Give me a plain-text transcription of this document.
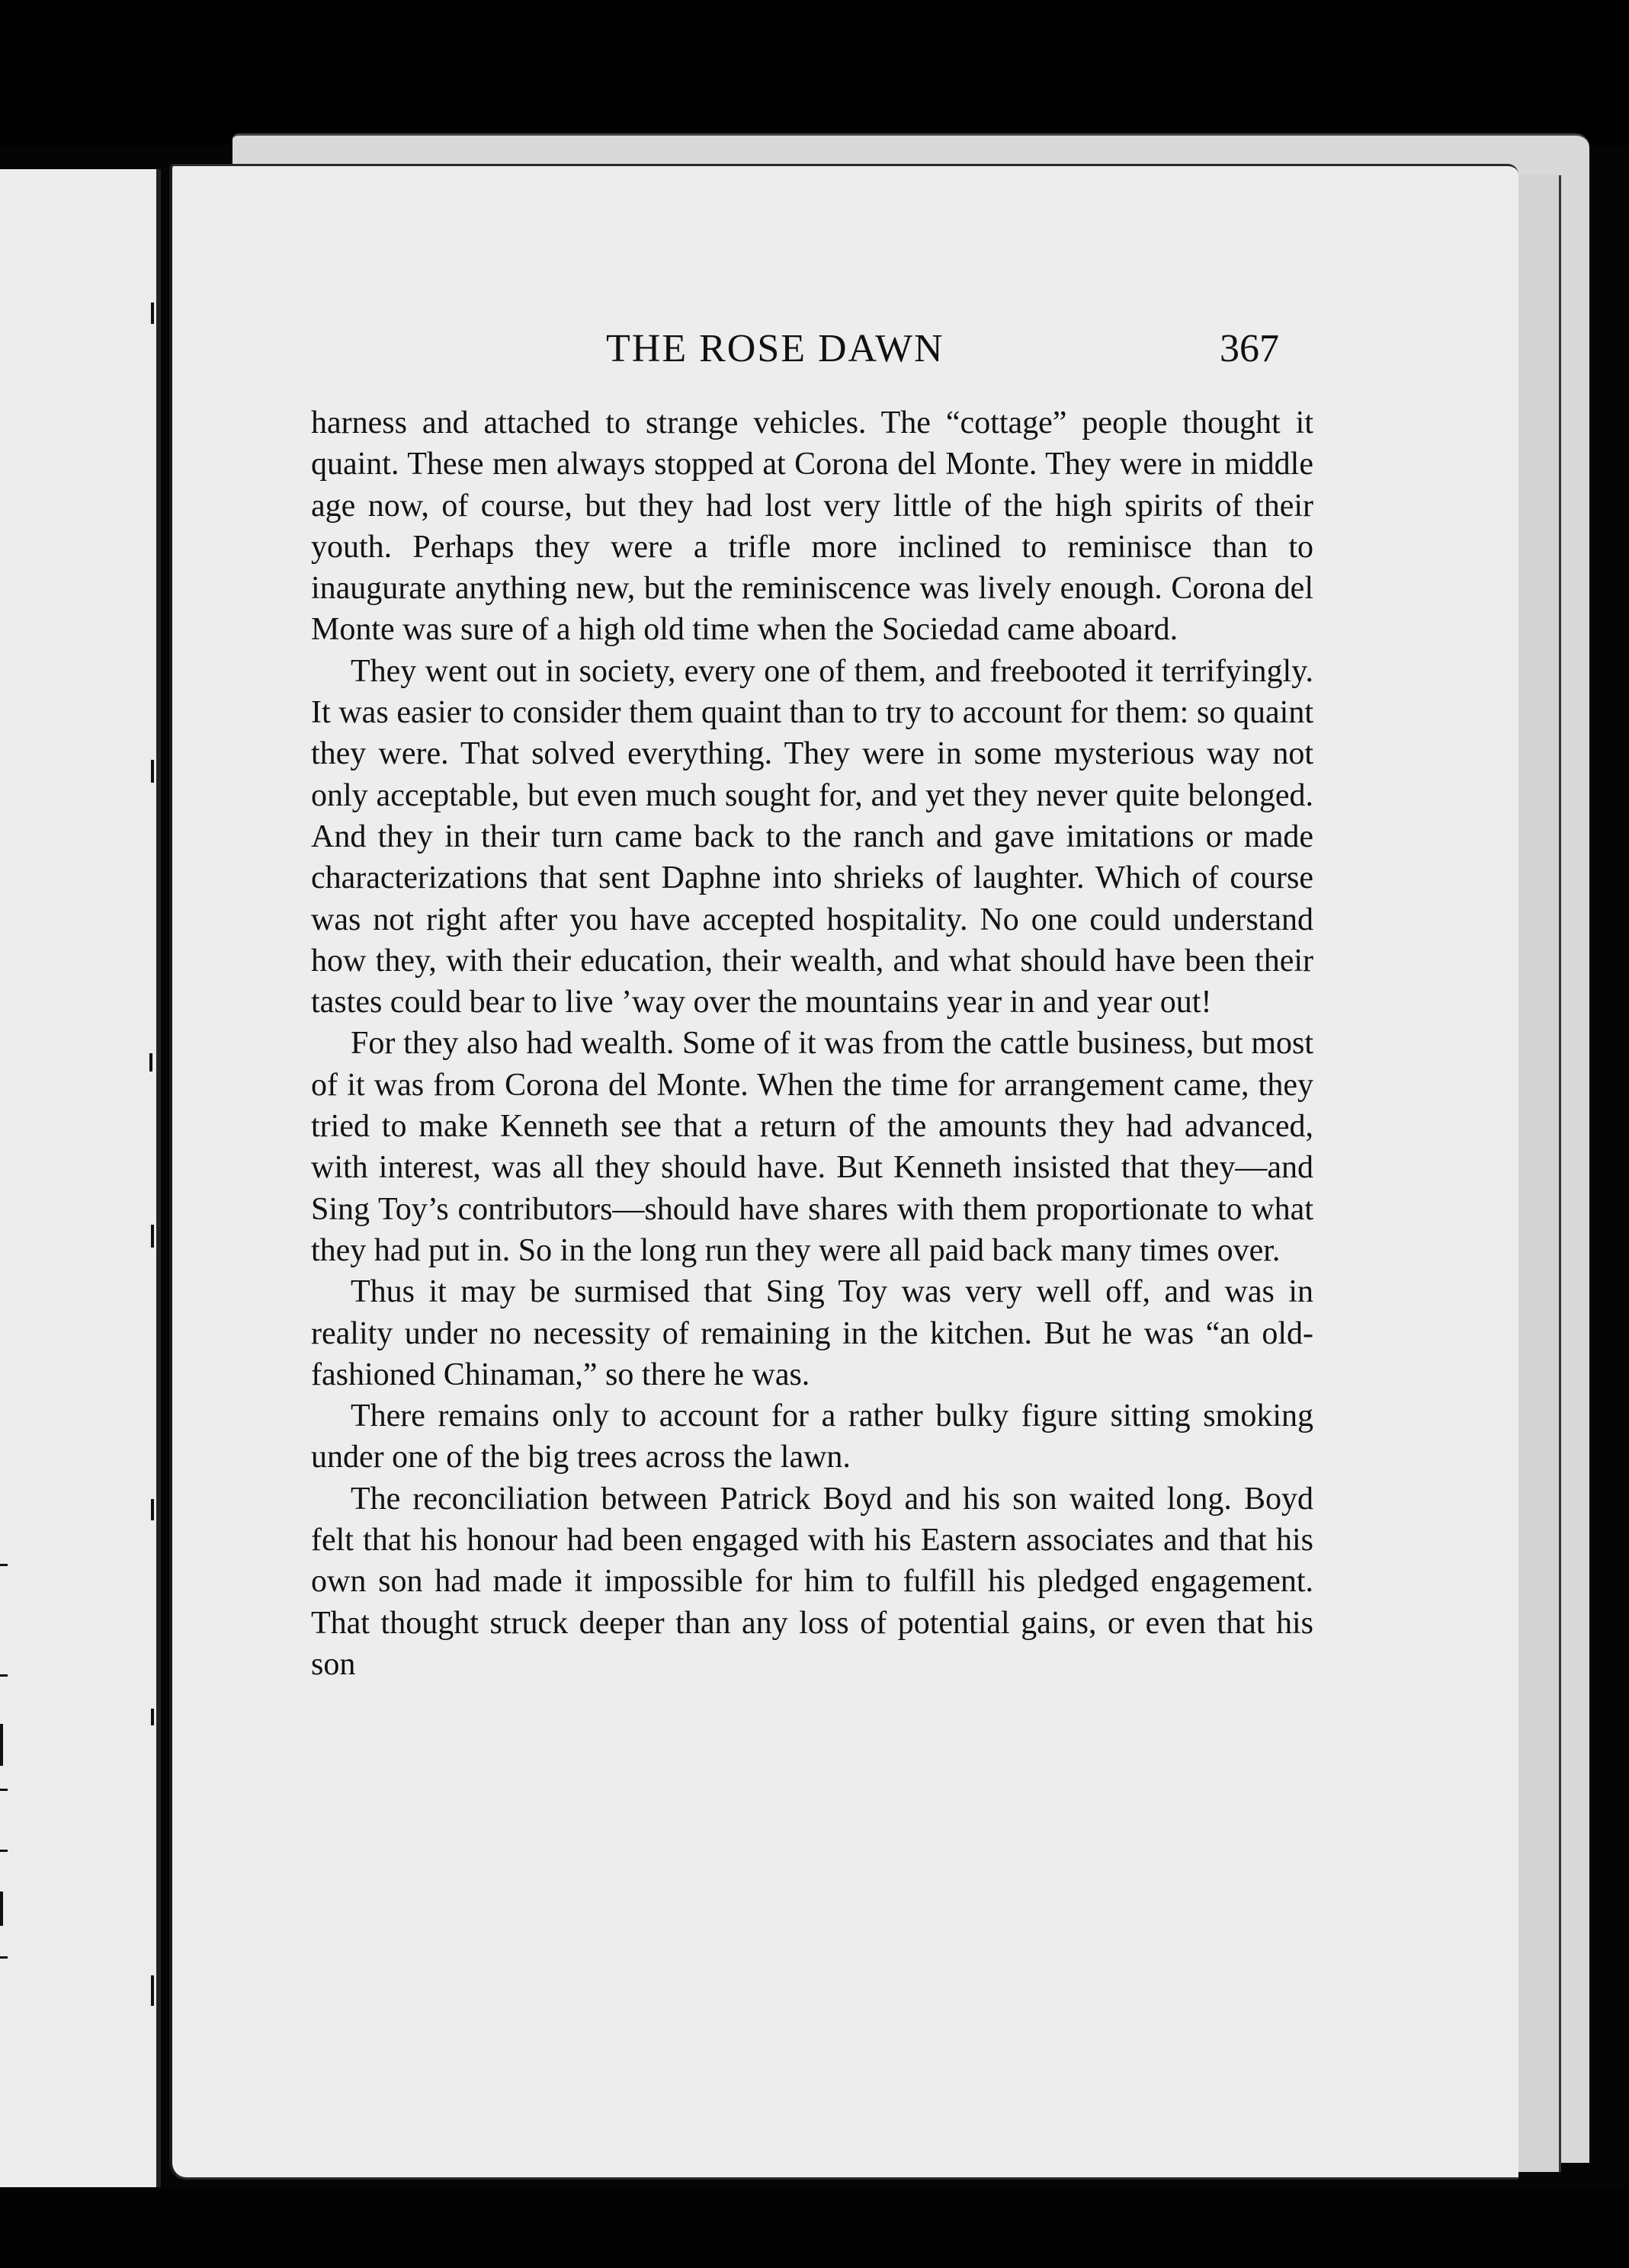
THE ROSE DAWN	367

harness and attached to strange vehicles. The “cottage” people thought it quaint. These men always stopped at Corona del Monte. They were in middle age now, of course, but they had lost very little of the high spirits of their youth. Perhaps they were a trifle more inclined to reminisce than to inaugurate anything new, but the reminiscence was lively enough. Corona del Monte was sure of a high old time when the Sociedad came aboard.

They went out in society, every one of them, and freebooted it terrifyingly. It was easier to consider them quaint than to try to account for them: so quaint they were. That solved everything. They were in some mysterious way not only acceptable, but even much sought for, and yet they never quite belonged. And they in their turn came back to the ranch and gave imitations or made characterizations that sent Daphne into shrieks of laughter. Which of course was not right after you have accepted hospitality. No one could understand how they, with their education, their wealth, and what should have been their tastes could bear to live ’way over the mountains year in and year out!

For they also had wealth. Some of it was from the cattle business, but most of it was from Corona del Monte. When the time for arrangement came, they tried to make Kenneth see that a return of the amounts they had advanced, with interest, was all they should have. But Kenneth insisted that they—and Sing Toy’s contributors—should have shares with them proportionate to what they had put in. So in the long run they were all paid back many times over.

Thus it may be surmised that Sing Toy was very well off, and was in reality under no necessity of remaining in the kitchen. But he was “an old-fashioned Chinaman,” so there he was.

There remains only to account for a rather bulky figure sitting smoking under one of the big trees across the lawn.

The reconciliation between Patrick Boyd and his son waited long. Boyd felt that his honour had been engaged with his Eastern associates and that his own son had made it impossible for him to fulfill his pledged engagement. That thought struck deeper than any loss of potential gains, or even that his son
